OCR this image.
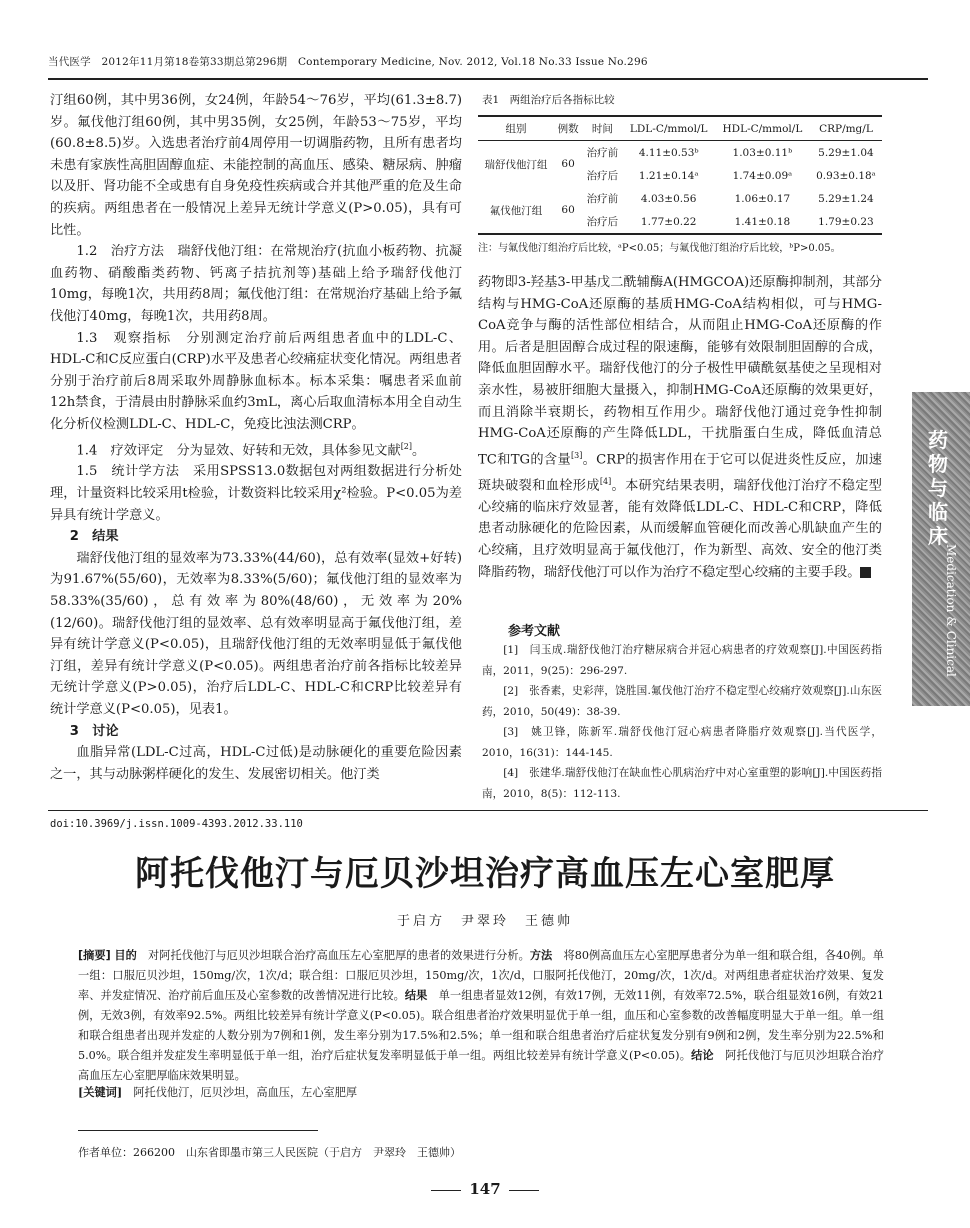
当代医学　2012年11月第18卷第33期总第296期　Contemporary Medicine, Nov. 2012, Vol.18 No.33 Issue No.296

汀组60例，其中男36例，女24例，年龄54～76岁，平均(61.3±8.7)岁。氟伐他汀组60例，其中男35例，女25例，年龄53～75岁，平均(60.8±8.5)岁。入选患者治疗前4周停用一切调脂药物，且所有患者均未患有家族性高胆固醇血症、未能控制的高血压、感染、糖尿病、肿瘤以及肝、肾功能不全或患有自身免疫性疾病或合并其他严重的危及生命的疾病。两组患者在一般情况上差异无统计学意义(P>0.05)，具有可比性。

1.2　治疗方法　瑞舒伐他汀组：在常规治疗(抗血小板药物、抗凝血药物、硝酸酯类药物、钙离子拮抗剂等)基础上给予瑞舒伐他汀10mg，每晚1次，共用药8周；氟伐他汀组：在常规治疗基础上给予氟伐他汀40mg，每晚1次，共用药8周。

1.3　观察指标　分别测定治疗前后两组患者血中的LDL-C、HDL-C和C反应蛋白(CRP)水平及患者心绞痛症状变化情况。两组患者分别于治疗前后8周采取外周静脉血标本。标本采集：嘱患者采血前12h禁食，于清晨由肘静脉采血约3mL，离心后取血清标本用全自动生化分析仪检测LDL-C、HDL-C，免疫比浊法测CRP。

1.4　疗效评定　分为显效、好转和无效，具体参见文献[2]。

1.5　统计学方法　采用SPSS13.0数据包对两组数据进行分析处理，计量资料比较采用t检验，计数资料比较采用χ²检验。P<0.05为差异具有统计学意义。

2　结果

瑞舒伐他汀组的显效率为73.33%(44/60)，总有效率(显效+好转)为91.67%(55/60)，无效率为8.33%(5/60)；氟伐他汀组的显效率为58.33%(35/60)，总有效率为80%(48/60)，无效率为20%(12/60)。瑞舒伐他汀组的显效率、总有效率明显高于氟伐他汀组，差异有统计学意义(P<0.05)，且瑞舒伐他汀组的无效率明显低于氟伐他汀组，差异有统计学意义(P<0.05)。两组患者治疗前各指标比较差异无统计学意义(P>0.05)，治疗后LDL-C、HDL-C和CRP比较差异有统计学意义(P<0.05)，见表1。

3　讨论

血脂异常(LDL-C过高，HDL-C过低)是动脉硬化的重要危险因素之一，其与动脉粥样硬化的发生、发展密切相关。他汀类

表1　两组治疗后各指标比较
组别	例数	时间	LDL-C/mmol/L	HDL-C/mmol/L	CRP/mg/L
瑞舒伐他汀组	60	治疗前	4.11±0.53ᵇ	1.03±0.11ᵇ	5.29±1.04
		治疗后	1.21±0.14ᵃ	1.74±0.09ᵃ	0.93±0.18ᵃ
氟伐他汀组	60	治疗前	4.03±0.56	1.06±0.17	5.29±1.24
		治疗后	1.77±0.22	1.41±0.18	1.79±0.23
注：与氟伐他汀组治疗后比较，ᵃP<0.05；与氟伐他汀组治疗后比较，ᵇP>0.05。

药物即3-羟基3-甲基戊二酰辅酶A(HMGCOA)还原酶抑制剂，其部分结构与HMG-CoA还原酶的基质HMG-CoA结构相似，可与HMG-CoA竞争与酶的活性部位相结合，从而阻止HMG-CoA还原酶的作用。后者是胆固醇合成过程的限速酶，能够有效限制胆固醇的合成，降低血胆固醇水平。瑞舒伐他汀的分子极性甲磺酰氨基使之呈现相对亲水性，易被肝细胞大量摄入，抑制HMG-CoA还原酶的效果更好，而且消除半衰期长，药物相互作用少。瑞舒伐他汀通过竞争性抑制HMG-CoA还原酶的产生降低LDL，干扰脂蛋白生成，降低血清总TC和TG的含量[3]。CRP的损害作用在于它可以促进炎性反应，加速斑块破裂和血栓形成[4]。本研究结果表明，瑞舒伐他汀治疗不稳定型心绞痛的临床疗效显著，能有效降低LDL-C、HDL-C和CRP，降低患者动脉硬化的危险因素，从而缓解血管硬化而改善心肌缺血产生的心绞痛，且疗效明显高于氟伐他汀，作为新型、高效、安全的他汀类降脂药物，瑞舒伐他汀可以作为治疗不稳定型心绞痛的主要手段。

参考文献

[1]　闫玉成.瑞舒伐他汀治疗糖尿病合并冠心病患者的疗效观察[J].中国医药指南，2011，9(25)：296-297.

[2]　张香素，史彩萍，饶胜国.氟伐他汀治疗不稳定型心绞痛疗效观察[J].山东医药，2010，50(49)：38-39.

[3]　姚卫锋，陈新军.瑞舒伐他汀冠心病患者降脂疗效观察[J].当代医学，2010，16(31)：144-145.

[4]　张建华.瑞舒伐他汀在缺血性心肌病治疗中对心室重塑的影响[J].中国医药指南，2010，8(5)：112-113.

药物与临床
Medication & Clinical
doi:10.3969/j.issn.1009-4393.2012.33.110
阿托伐他汀与厄贝沙坦治疗高血压左心室肥厚
于启方　尹翠玲　王德帅
[摘要] 目的　 对阿托伐他汀与厄贝沙坦联合治疗高血压左心室肥厚的患者的效果进行分析。方法　 将80例高血压左心室肥厚患者分为单一组和联合组，各40例。单一组：口服厄贝沙坦，150mg/次，1次/d；联合组：口服厄贝沙坦，150mg/次，1次/d，口服阿托伐他汀，20mg/次，1次/d。对两组患者症状治疗效果、复发率、并发症情况、治疗前后血压及心室参数的改善情况进行比较。结果　 单一组患者显效12例，有效17例，无效11例，有效率72.5%，联合组显效16例，有效21例，无效3例，有效率92.5%。两组比较差异有统计学意义(P<0.05)。联合组患者治疗效果明显优于单一组，血压和心室参数的改善幅度明显大于单一组。单一组和联合组患者出现并发症的人数分别为7例和1例，发生率分别为17.5%和2.5%；单一组和联合组患者治疗后症状复发分别有9例和2例，发生率分别为22.5%和5.0%。联合组并发症发生率明显低于单一组，治疗后症状复发率明显低于单一组。两组比较差异有统计学意义(P<0.05)。结论　 阿托伐他汀与厄贝沙坦联合治疗高血压左心室肥厚临床效果明显。
[关键词]　 阿托伐他汀，厄贝沙坦，高血压，左心室肥厚
作者单位：266200　山东省即墨市第三人民医院（于启方　尹翠玲　王德帅）
147
